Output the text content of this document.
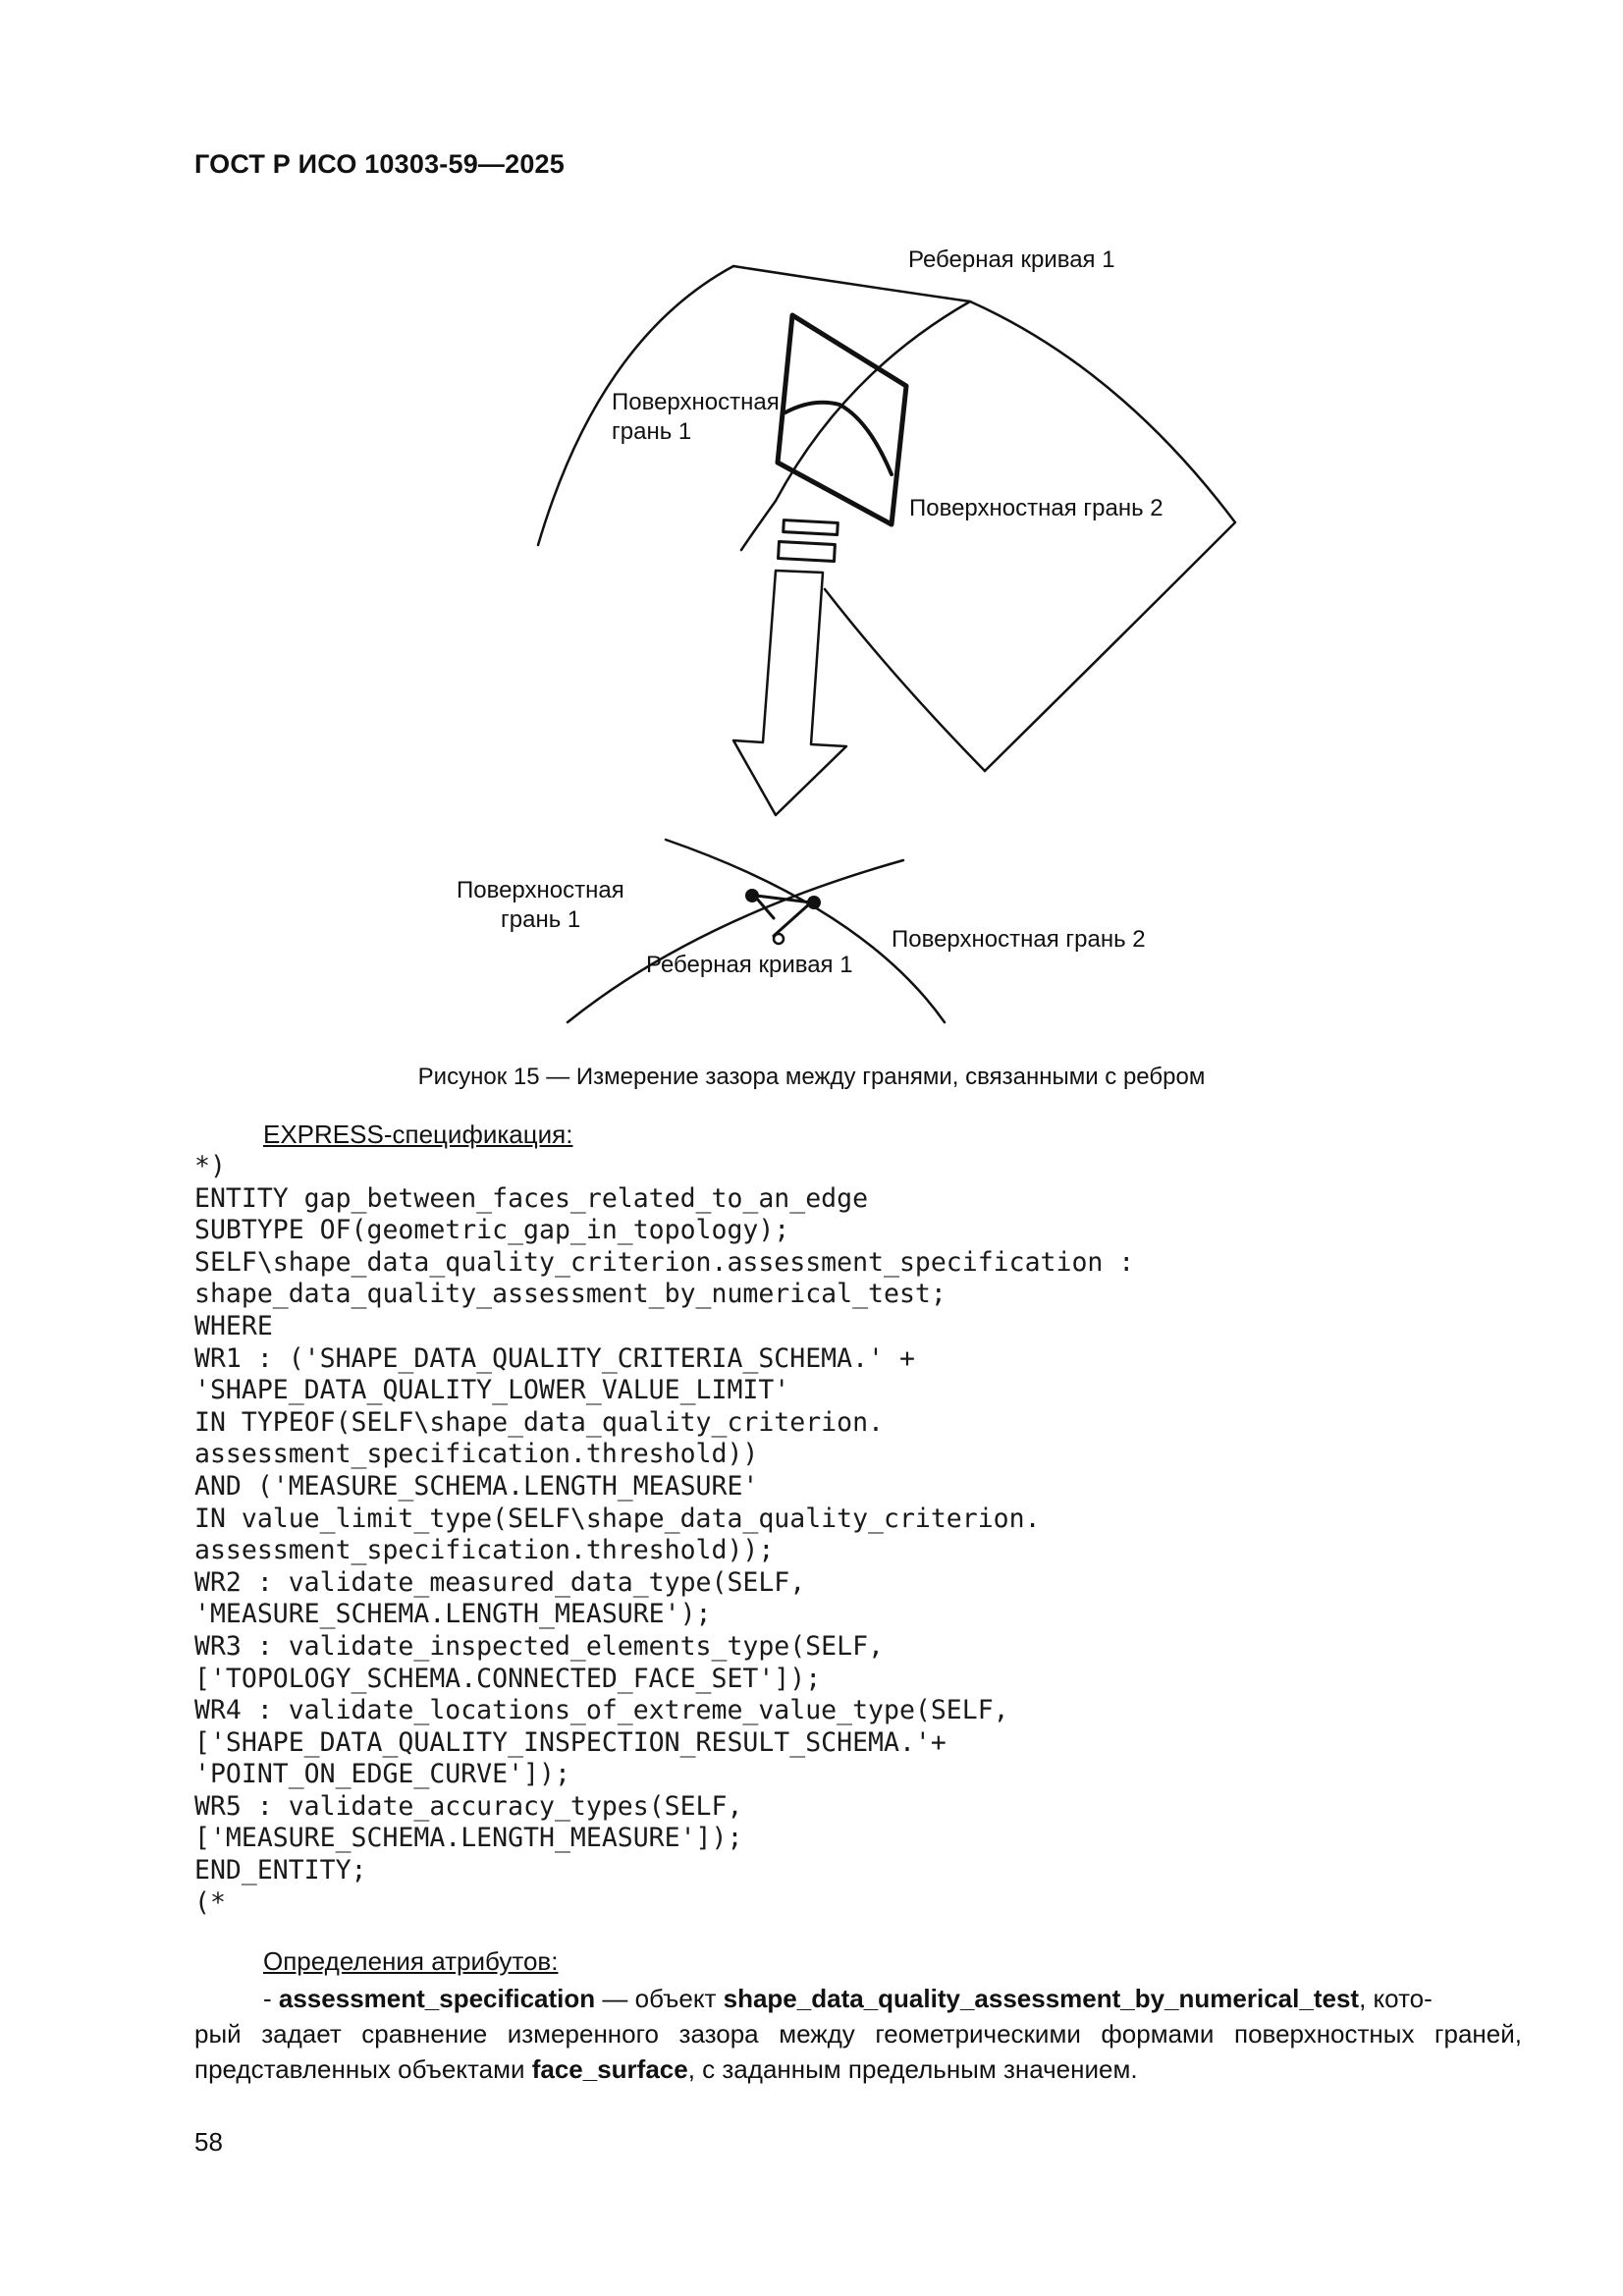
ГОСТ Р ИСО 10303-59—2025
Реберная кривая 1
Поверхностная
грань 1
Поверхностная грань 2
Поверхностная
грань 1
Поверхностная грань 2
Реберная кривая 1
Рисунок 15 — Измерение зазора между гранями, связанными с ребром
EXPRESS-спецификация:
*)
ENTITY gap_between_faces_related_to_an_edge
SUBTYPE OF(geometric_gap_in_topology);
SELF\shape_data_quality_criterion.assessment_specification :
shape_data_quality_assessment_by_numerical_test;
WHERE
WR1 : ('SHAPE_DATA_QUALITY_CRITERIA_SCHEMA.' +
'SHAPE_DATA_QUALITY_LOWER_VALUE_LIMIT'
IN TYPEOF(SELF\shape_data_quality_criterion.
assessment_specification.threshold))
AND ('MEASURE_SCHEMA.LENGTH_MEASURE'
IN value_limit_type(SELF\shape_data_quality_criterion.
assessment_specification.threshold));
WR2 : validate_measured_data_type(SELF,
'MEASURE_SCHEMA.LENGTH_MEASURE');
WR3 : validate_inspected_elements_type(SELF,
['TOPOLOGY_SCHEMA.CONNECTED_FACE_SET']);
WR4 : validate_locations_of_extreme_value_type(SELF,
['SHAPE_DATA_QUALITY_INSPECTION_RESULT_SCHEMA.'+
'POINT_ON_EDGE_CURVE']);
WR5 : validate_accuracy_types(SELF,
['MEASURE_SCHEMA.LENGTH_MEASURE']);
END_ENTITY;
(*
Определения атрибутов:
- assessment_specification — объект shape_data_quality_assessment_by_numerical_test, кото-
рый задает сравнение измеренного зазора между геометрическими формами поверхностных граней, представленных объектами face_surface, с заданным предельным значением.
58
